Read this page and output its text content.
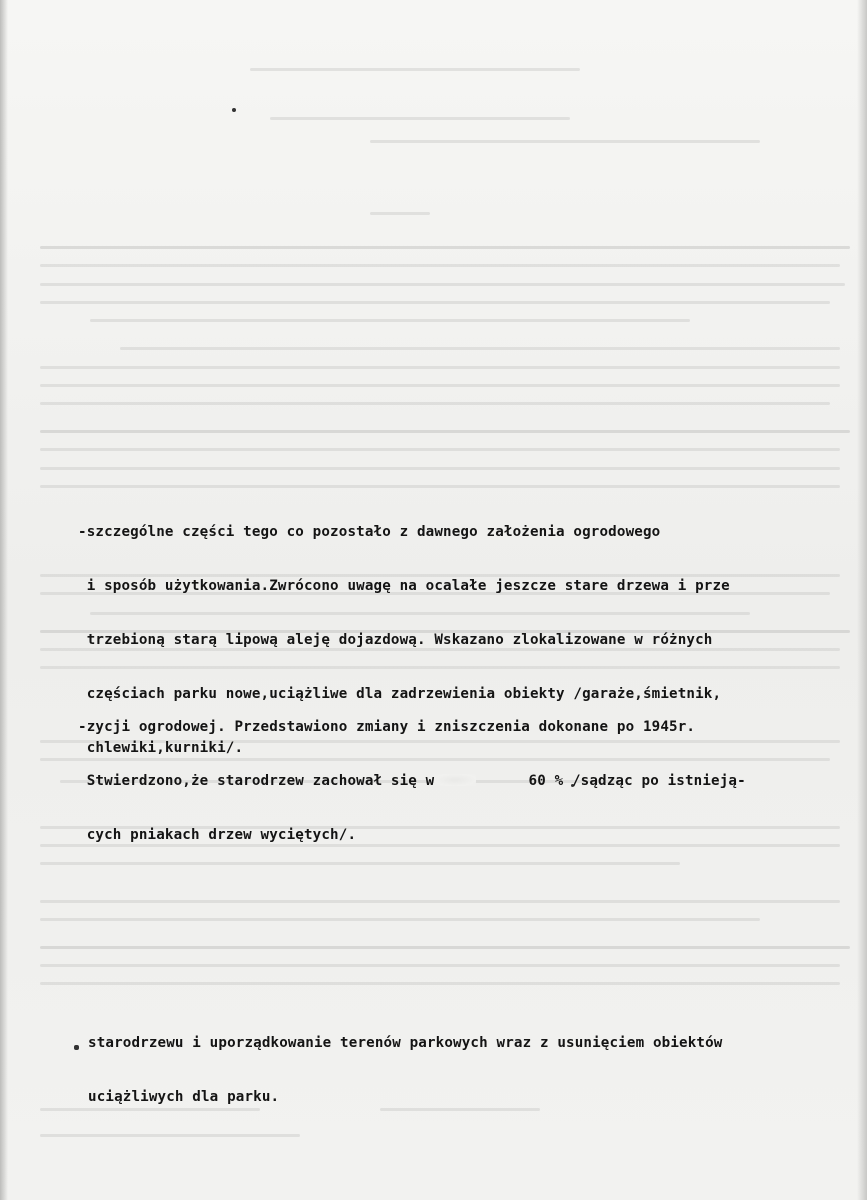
-szczególne części tego co pozostało z dawnego założenia ogrodowego

i sposób użytkowania.Zwrócono uwagę na ocalałe jeszcze stare drzewa i prze

trzebioną starą lipową aleję dojazdową. Wskazano zlokalizowane w różnych

częściach parku nowe,uciążliwe dla zadrzewienia obiekty /garaże,śmietnik,

chlewiki,kurniki/.

-zycji ogrodowej. Przedstawiono zmiany i zniszczenia dokonane po 1945r.

Stwierdzono,że starodrzew zachował się w	60 % /sądząc po istnieją-

cych pniakach drzew wyciętych/.

starodrzewu i uporządkowanie terenów parkowych wraz z usunięciem obiektów

uciążliwych dla parku.
